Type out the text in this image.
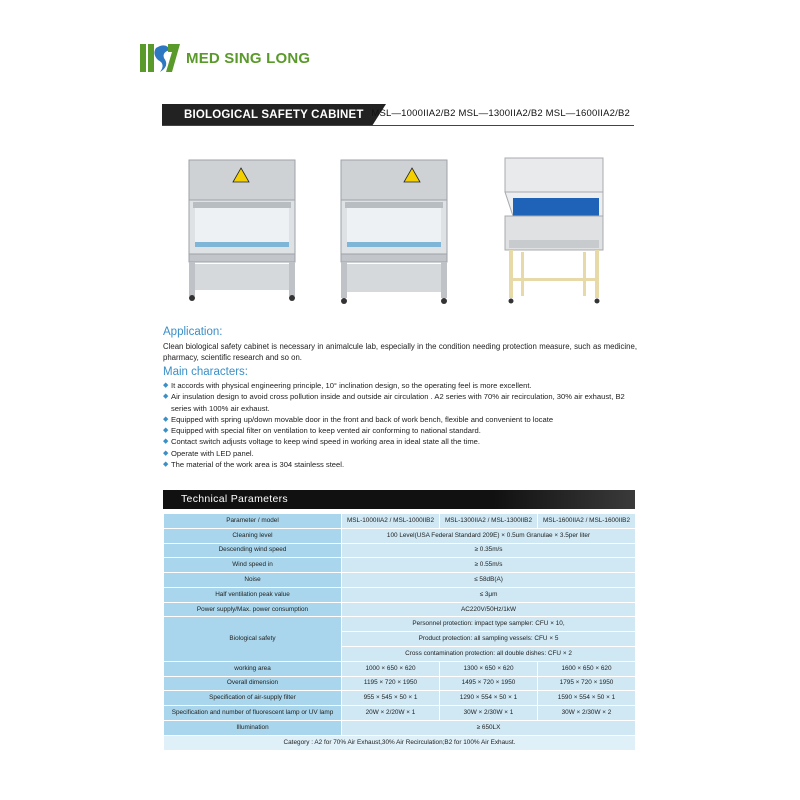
MED SING LONG
BIOLOGICAL SAFETY CABINET MSL—1000IIA2/B2 MSL—1300IIA2/B2 MSL—1600IIA2/B2
Application:
Clean biological safety cabinet is necessary in animalcule lab, especially in the condition needing protection measure, such as medicine, pharmacy, scientific research and so on.
Main characters:
◆ It accords with physical engineering principle, 10° inclination design, so the operating feel is more excellent.
◆ Air insulation design to avoid cross pollution inside and outside air circulation . A2 series with 70% air recirculation, 30% air exhaust, B2 series with 100% air exhaust.
◆ Equipped with spring up/down movable door in the front and back of work bench, flexible and convenient to locate
◆ Equipped with special filter on ventilation to keep vented air conforming to national standard.
◆ Contact switch adjusts voltage to keep wind speed in working area in ideal state all the time.
◆ Operate with LED panel.
◆ The material of the work area is 304 stainless steel.
Technical Parameters
Parameter / model	MSL-1000IIA2 / MSL-1000IIB2	MSL-1300IIA2 / MSL-1300IIB2	MSL-1600IIA2 / MSL-1600IIB2
Cleaning level	100 Level(USA Federal Standard 209E) × 0.5um Granulae × 3.5per liter		
Descending wind speed	≥ 0.35m/s		
Wind speed in	≥ 0.55m/s		
Noise	≤ 58dB(A)		
Half ventilation peak value	≤ 3μm		
Power supply/Max. power consumption	AC220V/50Hz/1kW		
Biological safety	Personnel protection: impact type sampler: CFU × 10,		
	Product protection: all sampling vessels: CFU × 5		
	Cross contamination protection: all double dishes: CFU × 2		
working area	1000 × 650 × 620	1300 × 650 × 620	1600 × 650 × 620
Overall dimension	1195 × 720 × 1950	1495 × 720 × 1950	1795 × 720 × 1950
Specification of air-supply filter	955 × 545 × 50 × 1	1290 × 554 × 50 × 1	1590 × 554 × 50 × 1
Specification and number of fluorescent lamp or UV lamp	20W × 2/20W × 1	30W × 2/30W × 1	30W × 2/30W × 2
Illumination	≥ 650LX		
Category : A2 for 70% Air Exhaust,30% Air Recirculation;B2 for 100% Air Exhaust.			
